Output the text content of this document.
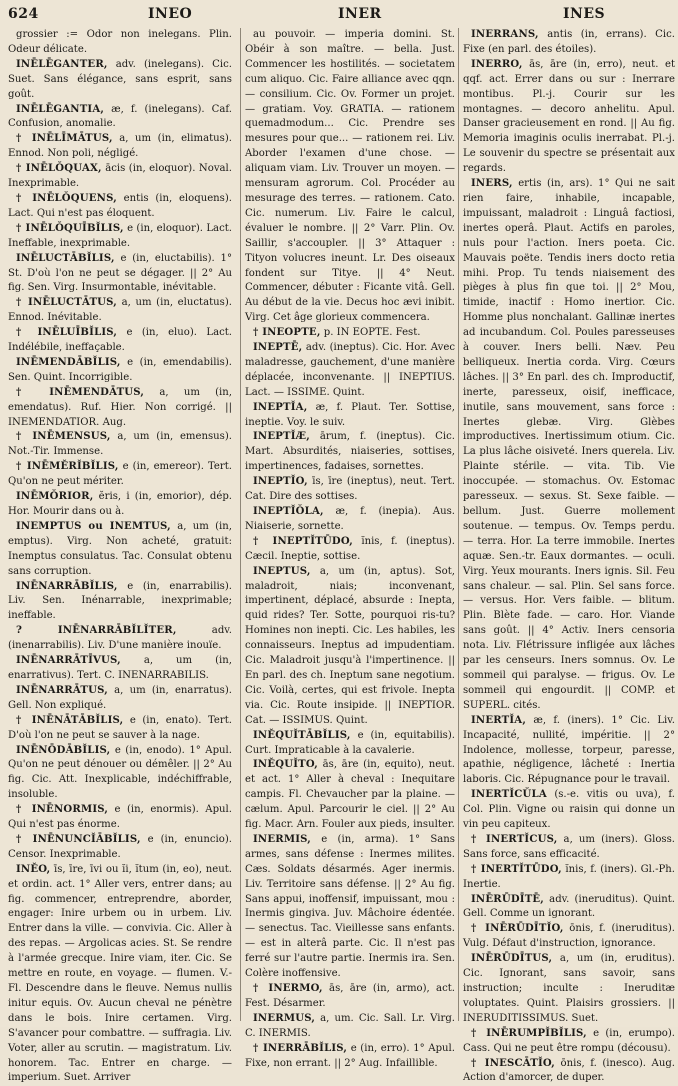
624	INEO	INER	INES

grossier := Odor non inelegans. Plin. Odeur délicate.

INĒLĒGANTER, adv. (inelegans). Cic. Suet. Sans élégance, sans esprit, sans goût.

INĒLĒGANTIA, æ, f. (inelegans). Caf. Confusion, anomalie.

† INĒLĪMĀTUS, a, um (in, elimatus). Ennod. Non poli, négligé.

† INĒLŎQUAX, ācis (in, eloquor). Noval. Inexprimable.

† INĒLŎQUENS, entis (in, eloquens). Lact. Qui n'est pas éloquent.

† INĒLŎQUĪBĬLIS, e (in, eloquor). Lact. Ineffable, inexprimable.

INĒLUCTĀBĬLIS, e (in, eluctabilis). 1° St. D'où l'on ne peut se dégager. || 2° Au fig. Sen. Virg. Insurmontable, inévitable.

† INĒLUCTĀTUS, a, um (in, eluctatus). Ennod. Inévitable.

† INĒLUĪBĬLIS, e (in, eluo). Lact. Indélébile, ineffaçable.

INĒMENDĀBĬLIS, e (in, emendabilis). Sen. Quint. Incorrigible.

† INĒMENDĀTUS, a, um (in, emendatus). Ruf. Hier. Non corrigé. || INEMENDATIOR. Aug.

† INĒMENSUS, a, um (in, emensus). Not.-Tir. Immense.

† INĒMĔRĬBĬLIS, e (in, emereor). Tert. Qu'on ne peut mériter.

INĒMŎRIOR, ĕris, i (in, emorior), dép. Hor. Mourir dans ou à.

INEMPTUS ou INEMTUS, a, um (in, emptus). Virg. Non acheté, gratuit: Inemptus consulatus. Tac. Consulat obtenu sans corruption.

INĒNARRĀBĬLIS, e (in, enarrabilis). Liv. Sen. Inénarrable, inexprimable; ineffable.

? INĒNARRĀBĬLĬTER, adv. (inenarrabilis). Liv. D'une manière inouïe.

INĒNARRĀTĪVUS, a, um (in, enarrativus). Tert. C. INENARRABILIS.

INĒNARRĀTUS, a, um (in, enarratus). Gell. Non expliqué.

† INĒNĀTĀBĬLIS, e (in, enato). Tert. D'où l'on ne peut se sauver à la nage.

INĒNŌDĀBĬLIS, e (in, enodo). 1° Apul. Qu'on ne peut dénouer ou démêler. || 2° Au fig. Cic. Att. Inexplicable, indéchiffrable, insoluble.

† INĒNORMIS, e (in, enormis). Apul. Qui n'est pas énorme.

† INĒNUNCĬĀBĬLIS, e (in, enuncio). Censor. Inexprimable.

INĔO, īs, īre, īvi ou ĭi, ĭtum (in, eo), neut. et ordin. act. 1° Aller vers, entrer dans; au fig. commencer, entreprendre, aborder, engager: Inire urbem ou in urbem. Liv. Entrer dans la ville. — convivia. Cic. Aller à des repas. — Argolicas acies. St. Se rendre à l'armée grecque. Inire viam, iter. Cic. Se mettre en route, en voyage. — flumen. V.-Fl. Descendre dans le fleuve. Nemus nullis initur equis. Ov. Aucun cheval ne pénètre dans le bois. Inire certamen. Virg. S'avancer pour combattre. — suffragia. Liv. Voter, aller au scrutin. — magistratum. Liv. honorem. Tac. Entrer en charge. — imperium. Suet. Arriver

au pouvoir. — imperia domini. St. Obéir à son maître. — bella. Just. Commencer les hostilités. — societatem cum aliquo. Cic. Faire alliance avec qqn. — consilium. Cic. Ov. Former un projet. — gratiam. Voy. GRATIA. — rationem quemadmodum... Cic. Prendre ses mesures pour que... — rationem rei. Liv. Aborder l'examen d'une chose. — aliquam viam. Liv. Trouver un moyen. — mensuram agrorum. Col. Procéder au mesurage des terres. — rationem. Cato. Cic. numerum. Liv. Faire le calcul, évaluer le nombre. || 2° Varr. Plin. Ov. Saillir, s'accoupler. || 3° Attaquer : Tityon volucres ineunt. Lr. Des oiseaux fondent sur Titye. || 4° Neut. Commencer, débuter : Ficante vitâ. Gell. Au début de la vie. Decus hoc ævi inibit. Virg. Cet âge glorieux commencera.

† INEOPTE, p. IN EOPTE. Fest.

INEPTĒ, adv. (ineptus). Cic. Hor. Avec maladresse, gauchement, d'une manière déplacée, inconvenante. || INEPTIUS. Lact. — ISSIME. Quint.

INEPTĬA, æ, f. Plaut. Ter. Sottise, ineptie. Voy. le suiv.

INEPTĬÆ, ārum, f. (ineptus). Cic. Mart. Absurdités, niaiseries, sottises, impertinences, fadaises, sornettes.

INEPTĬO, īs, īre (ineptus), neut. Tert. Cat. Dire des sottises.

INEPTĬŎLA, æ, f. (inepia). Aus. Niaiserie, sornette.

† INEPTĬTŪDO, ĭnis, f. (ineptus). Cæcil. Ineptie, sottise.

INEPTUS, a, um (in, aptus). Sot, maladroit, niais; inconvenant, impertinent, déplacé, absurde : Inepta, quid rides? Ter. Sotte, pourquoi ris-tu? Homines non inepti. Cic. Les habiles, les connaisseurs. Ineptus ad impudentiam. Cic. Maladroit jusqu'à l'impertinence. || En parl. des ch. Ineptum sane negotium. Cic. Voilà, certes, qui est frivole. Inepta via. Cic. Route insipide. || INEPTIOR. Cat. — ISSIMUS. Quint.

INĔQUĬTĀBĬLIS, e (in, equitabilis). Curt. Impraticable à la cavalerie.

INĔQUĬTO, ās, āre (in, equito), neut. et act. 1° Aller à cheval : Inequitare campis. Fl. Chevaucher par la plaine. — cælum. Apul. Parcourir le ciel. || 2° Au fig. Macr. Arn. Fouler aux pieds, insulter.

INERMIS, e (in, arma). 1° Sans armes, sans défense : Inermes milites. Cæs. Soldats désarmés. Ager inermis. Liv. Territoire sans défense. || 2° Au fig. Sans appui, inoffensif, impuissant, mou : Inermis gingiva. Juv. Mâchoire édentée. — senectus. Tac. Vieillesse sans enfants. — est in alterâ parte. Cic. Il n'est pas ferré sur l'autre partie. Inermis ira. Sen. Colère inoffensive.

† INERMO, ās, āre (in, armo), act. Fest. Désarmer.

INERMUS, a, um. Cic. Sall. Lr. Virg. C. INERMIS.

† INERRĀBĬLIS, e (in, erro). 1° Apul. Fixe, non errant. || 2° Aug. Infaillible.

INERRANS, antis (in, errans). Cic. Fixe (en parl. des étoiles).

INERRO, ās, āre (in, erro), neut. et qqf. act. Errer dans ou sur : Inerrare montibus. Pl.-j. Courir sur les montagnes. — decoro anhelitu. Apul. Danser gracieusement en rond. || Au fig. Memoria imaginis oculis inerrabat. Pl.-j. Le souvenir du spectre se présentait aux regards.

INERS, ertis (in, ars). 1° Qui ne sait rien faire, inhabile, incapable, impuissant, maladroit : Linguâ factiosi, inertes operâ. Plaut. Actifs en paroles, nuls pour l'action. Iners poeta. Cic. Mauvais poëte. Tendis iners docto retia mihi. Prop. Tu tends niaisement des pièges à plus fin que toi. || 2° Mou, timide, inactif : Homo inertior. Cic. Homme plus nonchalant. Gallinæ inertes ad incubandum. Col. Poules paresseuses à couver. Iners belli. Næv. Peu belliqueux. Inertia corda. Virg. Cœurs lâches. || 3° En parl. des ch. Improductif, inerte, paresseux, oisif, inefficace, inutile, sans mouvement, sans force : Inertes glebæ. Virg. Glèbes improductives. Inertissimum otium. Cic. La plus lâche oisiveté. Iners querela. Liv. Plainte stérile. — vita. Tib. Vie inoccupée. — stomachus. Ov. Estomac paresseux. — sexus. St. Sexe faible. — bellum. Just. Guerre mollement soutenue. — tempus. Ov. Temps perdu. — terra. Hor. La terre immobile. Inertes aquæ. Sen.-tr. Eaux dormantes. — oculi. Virg. Yeux mourants. Iners ignis. Sil. Feu sans chaleur. — sal. Plin. Sel sans force. — versus. Hor. Vers faible. — blitum. Plin. Blète fade. — caro. Hor. Viande sans goût. || 4° Activ. Iners censoria nota. Liv. Flétrissure infligée aux lâches par les censeurs. Iners somnus. Ov. Le sommeil qui paralyse. — frigus. Ov. Le sommeil qui engourdit. || COMP. et SUPERL. cités.

INERTĬA, æ, f. (iners). 1° Cic. Liv. Incapacité, nullité, impéritie. || 2° Indolence, mollesse, torpeur, paresse, apathie, négligence, lâcheté : Inertia laboris. Cic. Répugnance pour le travail.

INERTĬCŬLA (s.-e. vitis ou uva), f. Col. Plin. Vigne ou raisin qui donne un vin peu capiteux.

† INERTĬCUS, a, um (iners). Gloss. Sans force, sans efficacité.

† INERTĬTŪDO, ĭnis, f. (iners). Gl.-Ph. Inertie.

INĒRŪDĪTĒ, adv. (ineruditus). Quint. Gell. Comme un ignorant.

† INĒRŪDĪTĬO, ōnis, f. (ineruditus). Vulg. Défaut d'instruction, ignorance.

INĒRŪDĪTUS, a, um (in, eruditus). Cic. Ignorant, sans savoir, sans instruction; inculte : Ineruditæ voluptates. Quint. Plaisirs grossiers. || INERUDITISSIMUS. Suet.

† INĒRUMPĬBĬLIS, e (in, erumpo). Cass. Qui ne peut être rompu (décousu).

† INESCĀTĬO, ōnis, f. (inesco). Aug. Action d'amorcer, de duper.
